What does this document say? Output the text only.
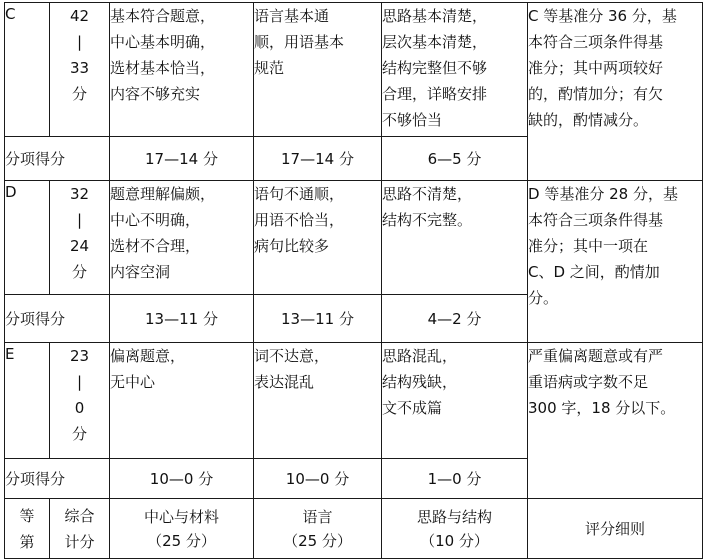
C	42
|
33
分	基本符合题意，
中心基本明确，
选材基本恰当，
内容不够充实	语言基本通
顺，用语基本
规范	思路基本清楚，
层次基本清楚，
结构完整但不够
合理，详略安排
不够恰当	C 等基准分 36 分，基
本符合三项条件得基
准分；其中两项较好
的，酌情加分；有欠
缺的，酌情减分。
分项得分		17—14 分	17—14 分	6—5 分	
D	32
|
24
分	题意理解偏颇，
中心不明确，
选材不合理，
内容空洞	语句不通顺，
用语不恰当，
病句比较多	思路不清楚，
结构不完整。	D 等基准分 28 分，基
本符合三项条件得基
准分；其中一项在
C、D 之间，酌情加
分。
分项得分		13—11 分	13—11 分	4—2 分	
E	23
|
0
分	偏离题意，
无中心	词不达意，
表达混乱	思路混乱，
结构残缺，
文不成篇	严重偏离题意或有严
重语病或字数不足
300 字，18 分以下。
分项得分		10—0 分	10—0 分	1—0 分	
等
第	综合
计分	中心与材料
（25 分）	语言
（25 分）	思路与结构
（10 分）	评分细则
